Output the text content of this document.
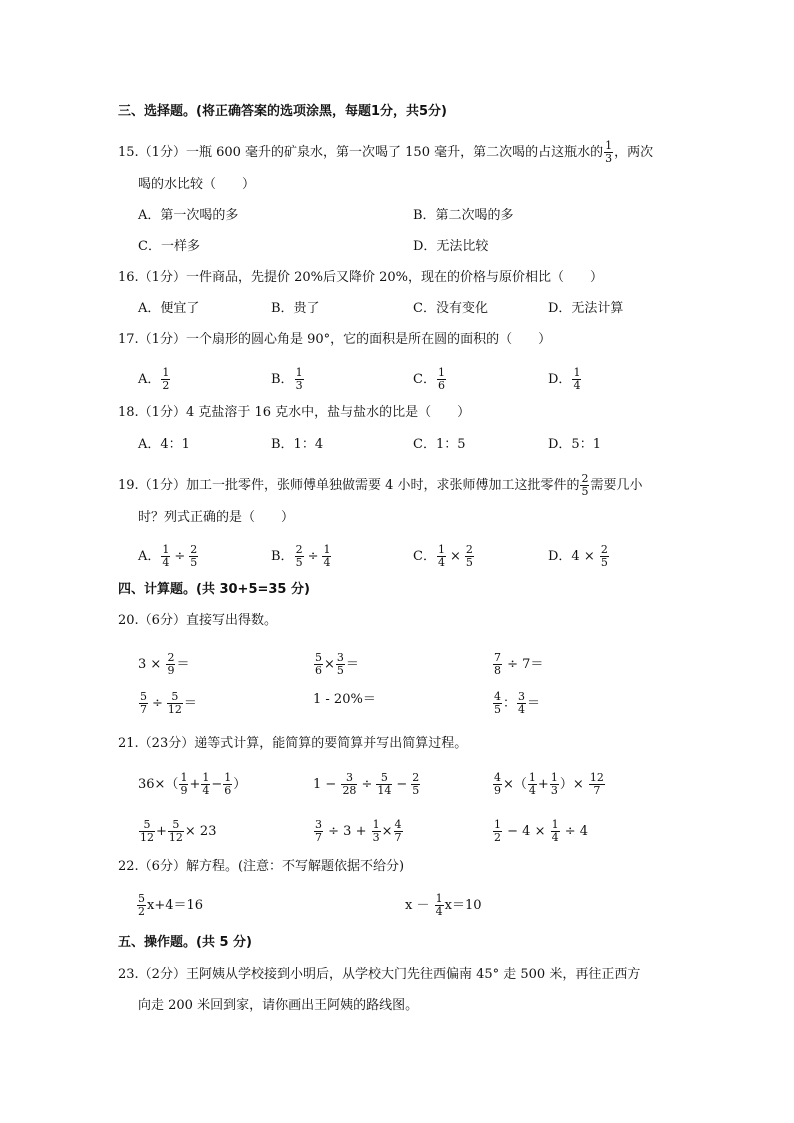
三、选择题。(将正确答案的选项涂黑，每题1分，共5分)
15.（1分）一瓶 600 毫升的矿泉水，第一次喝了 150 毫升，第二次喝的占这瓶水的 $\frac{1}{3}$ ，两次
喝的水比较（　　）
A．第一次喝的多	B．第二次喝的多
C．一样多	D．无法比较
16.（1分）一件商品，先提价 20%后又降价 20%，现在的价格与原价相比（　　）
A．便宜了	B．贵了	C．没有变化	D．无法计算
17.（1分）一个扇形的圆心角是 90°，它的面积是所在圆的面积的（　　）
A． $\frac{1}{2}$	B． $\frac{1}{3}$	C． $\frac{1}{6}$	D． $\frac{1}{4}$
18.（1分）4 克盐溶于 16 克水中，盐与盐水的比是（　　）
A．4：1	B．1：4	C．1：5	D．5：1
19.（1分）加工一批零件，张师傅单独做需要 4 小时，求张师傅加工这批零件的 $\frac{2}{5}$ 需要几小
时？列式正确的是（　　）
A． $\frac{1}{4} \div \frac{2}{5}$	B． $\frac{2}{5} \div \frac{1}{4}$	C． $\frac{1}{4} \times \frac{2}{5}$	D．$4 \times \frac{2}{5}$
四、计算题。(共 30+5=35 分)
20.（6分）直接写出得数。
$3 \times \frac{2}{9}$ ＝	$\frac{5}{6} \times \frac{3}{5}$ ＝	$\frac{7}{8} \div 7=$
$\frac{5}{7} \div \frac{5}{12}$ ＝	1 - 20%＝	$\frac{4}{5}$ ： $\frac{3}{4}$ ＝
21.（23分）递等式计算，能简算的要简算并写出简算过程。
$36\times( \frac{1}{9} + \frac{1}{4} - \frac{1}{6}$ ）	$1 - \frac{3}{28} \div \frac{5}{14} - \frac{2}{5}$	$\frac{4}{9}$ ×（ $\frac{1}{4} + \frac{1}{3}$ ）× $\frac{12}{7}$
$\frac{5}{12} + \frac{5}{12} \times 23$	$\frac{3}{7} \div 3 + \frac{1}{3} \times \frac{4}{7}$	$\frac{1}{2} - 4 \times \frac{1}{4} \div 4$
22.（6分）解方程。(注意：不写解题依据不给分)
$\frac{5}{2} x+4=16$	$x - \frac{1}{4} x=10$
五、操作题。(共 5 分)
23.（2分）王阿姨从学校接到小明后，从学校大门先往西偏南 45° 走 500 米，再往正西方
向走 200 米回到家，请你画出王阿姨的路线图。
